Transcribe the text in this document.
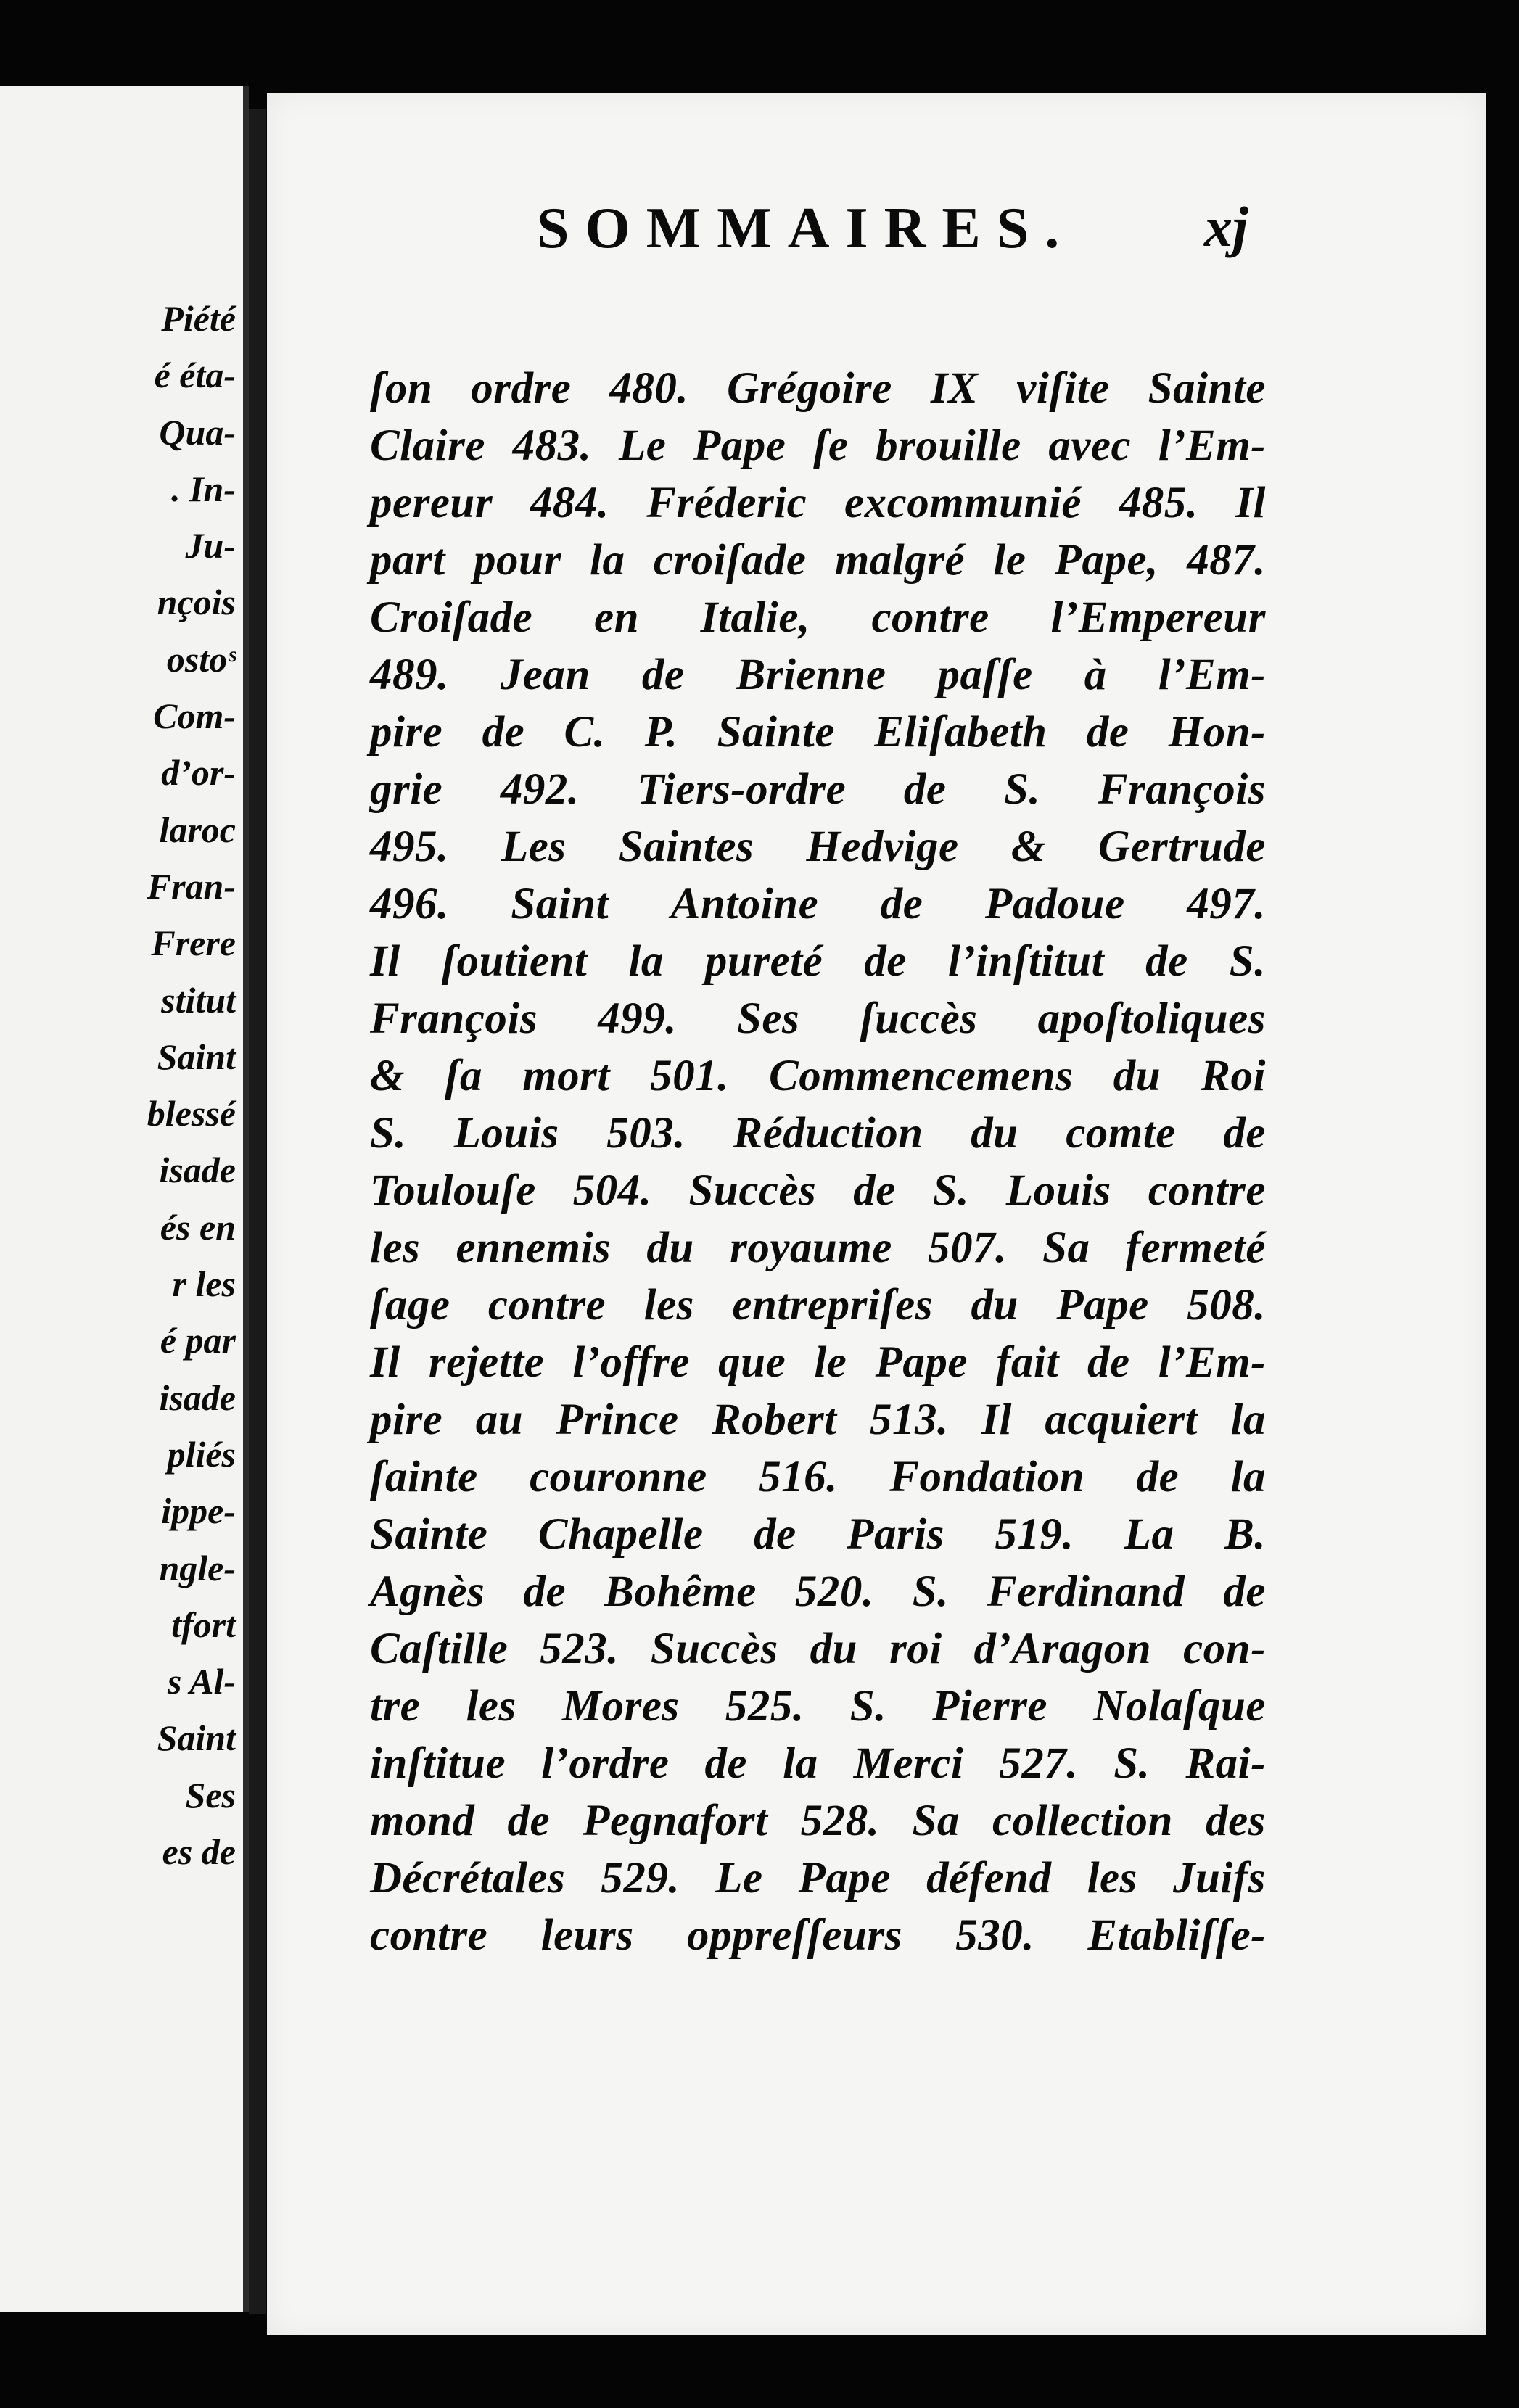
Piété
é éta-
Qua-
. In-
Ju-
nçois
ostoˢ
Com-
d’or-
laroc
Fran-
Frere
stitut
Saint
blessé
isade
és en
r les
é par
isade
pliés
ippe-
ngle-
tfort
s Al-
Saint
Ses
es de
SOMMAIRES. xj
ſon ordre 480. Grégoire IX viſite Sainte
Claire 483. Le Pape ſe brouille avec l’Em-
pereur 484. Fréderic excommunié 485. Il
part pour la croiſade malgré le Pape, 487.
Croiſade en Italie, contre l’Empereur
489. Jean de Brienne paſſe à l’Em-
pire de C. P. Sainte Eliſabeth de Hon-
grie 492. Tiers-ordre de S. François
495. Les Saintes Hedvige & Gertrude
496. Saint Antoine de Padoue 497.
Il ſoutient la pureté de l’inſtitut de S.
François 499. Ses ſuccès apoſtoliques
& ſa mort 501. Commencemens du Roi
S. Louis 503. Réduction du comte de
Toulouſe 504. Succès de S. Louis contre
les ennemis du royaume 507. Sa fermeté
ſage contre les entrepriſes du Pape 508.
Il rejette l’offre que le Pape fait de l’Em-
pire au Prince Robert 513. Il acquiert la
ſainte couronne 516. Fondation de la
Sainte Chapelle de Paris 519. La B.
Agnès de Bohême 520. S. Ferdinand de
Caſtille 523. Succès du roi d’Aragon con-
tre les Mores 525. S. Pierre Nolaſque
inſtitue l’ordre de la Merci 527. S. Rai-
mond de Pegnafort 528. Sa collection des
Décrétales 529. Le Pape défend les Juifs
contre leurs oppreſſeurs 530. Etabliſſe-
